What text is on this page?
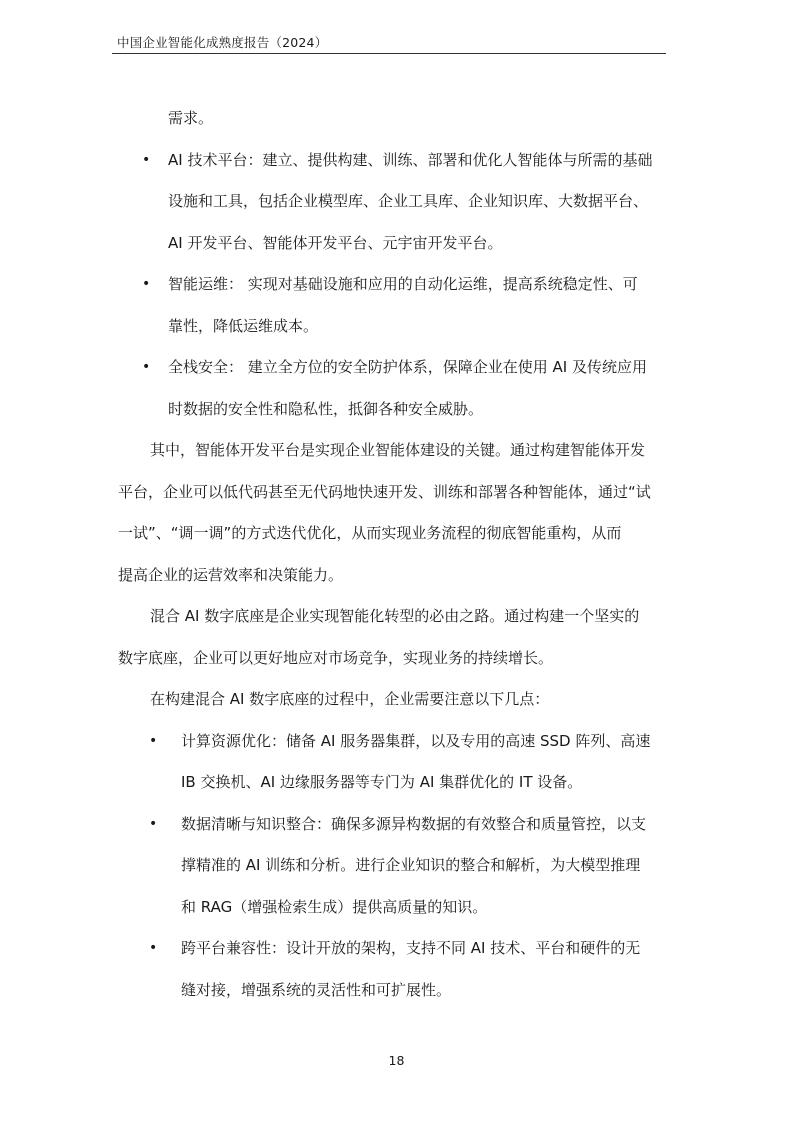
中国企业智能化成熟度报告（2024）
需求。
•	AI 技术平台：建立、提供构建、训练、部署和优化人智能体与所需的基础
设施和工具，包括企业模型库、企业工具库、企业知识库、大数据平台、
AI 开发平台、智能体开发平台、元宇宙开发平台。
•	智能运维： 实现对基础设施和应用的自动化运维，提高系统稳定性、可
靠性，降低运维成本。
•	全栈安全： 建立全方位的安全防护体系，保障企业在使用 AI 及传统应用
时数据的安全性和隐私性，抵御各种安全威胁。
其中，智能体开发平台是实现企业智能体建设的关键。通过构建智能体开发
平台，企业可以低代码甚至无代码地快速开发、训练和部署各种智能体，通过“试
一试”、“调一调”的方式迭代优化，从而实现业务流程的彻底智能重构，从而
提高企业的运营效率和决策能力。
混合 AI 数字底座是企业实现智能化转型的必由之路。通过构建一个坚实的
数字底座，企业可以更好地应对市场竞争，实现业务的持续增长。
在构建混合 AI 数字底座的过程中，企业需要注意以下几点：
•	计算资源优化：储备 AI 服务器集群，以及专用的高速 SSD 阵列、高速
IB 交换机、AI 边缘服务器等专门为 AI 集群优化的 IT 设备。
•	数据清晰与知识整合：确保多源异构数据的有效整合和质量管控，以支
撑精准的 AI 训练和分析。进行企业知识的整合和解析，为大模型推理
和 RAG（增强检索生成）提供高质量的知识。
•	跨平台兼容性：设计开放的架构，支持不同 AI 技术、平台和硬件的无
缝对接，增强系统的灵活性和可扩展性。
18
